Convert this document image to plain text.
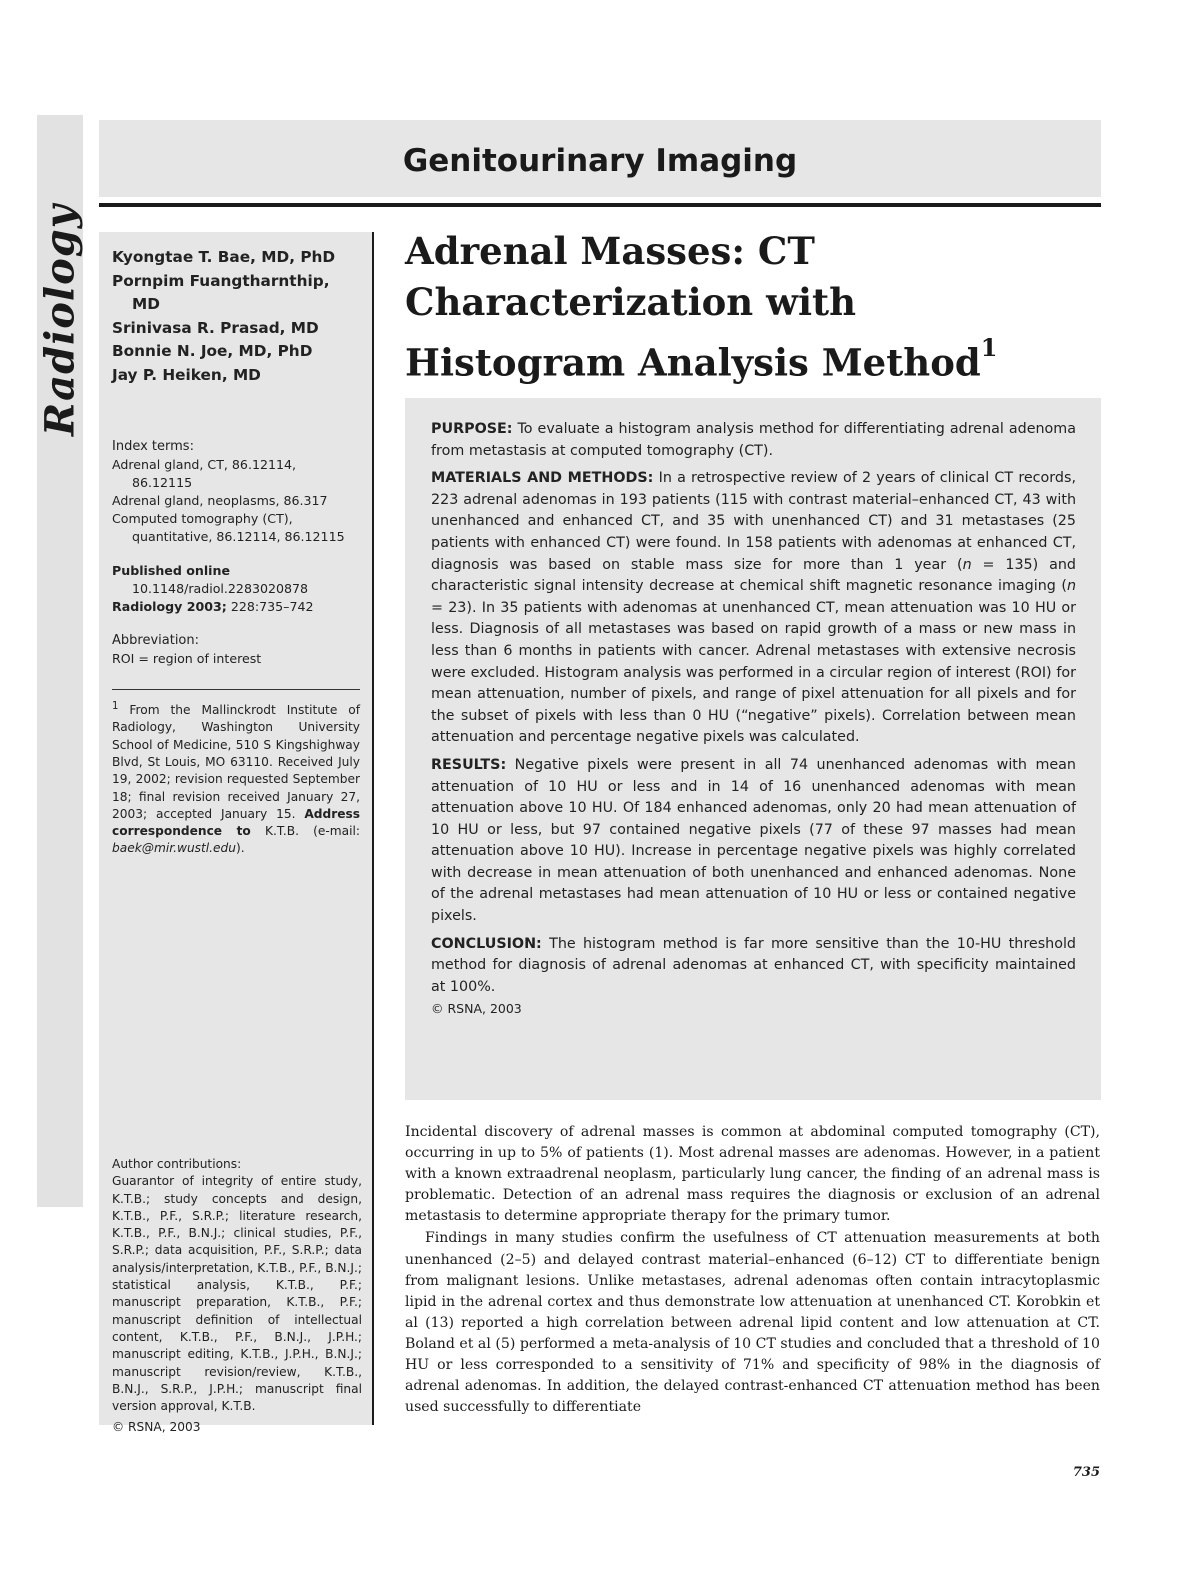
Radiology
Genitourinary Imaging
Kyongtae T. Bae, MD, PhD
Pornpim Fuangtharnthip,
MD
Srinivasa R. Prasad, MD
Bonnie N. Joe, MD, PhD
Jay P. Heiken, MD
Index terms:
Adrenal gland, CT, 86.12114,
86.12115
Adrenal gland, neoplasms, 86.317
Computed tomography (CT),
quantitative, 86.12114, 86.12115
Published online
10.1148/radiol.2283020878
Radiology 2003; 228:735–742
Abbreviation:
ROI = region of interest
$^1$ From the Mallinckrodt Institute of Radiology, Washington University School of Medicine, 510 S Kingshighway Blvd, St Louis, MO 63110. Received July 19, 2002; revision requested September 18; final revision received January 27, 2003; accepted January 15. Address correspondence to K.T.B. (e-mail: baek@mir.wustl.edu).
Author contributions:
Guarantor of integrity of entire study, K.T.B.; study concepts and design, K.T.B., P.F., S.R.P.; literature research, K.T.B., P.F., B.N.J.; clinical studies, P.F., S.R.P.; data acquisition, P.F., S.R.P.; data analysis/interpretation, K.T.B., P.F., B.N.J.; statistical analysis, K.T.B., P.F.; manuscript preparation, K.T.B., P.F.; manuscript definition of intellectual content, K.T.B., P.F., B.N.J., J.P.H.; manuscript editing, K.T.B., J.P.H., B.N.J.; manuscript revision/review, K.T.B., B.N.J., S.R.P., J.P.H.; manuscript final version approval, K.T.B.
© RSNA, 2003
Adrenal Masses: CT
Characterization with
Histogram Analysis Method$^1$

PURPOSE: To evaluate a histogram analysis method for differentiating adrenal adenoma from metastasis at computed tomography (CT).

MATERIALS AND METHODS: In a retrospective review of 2 years of clinical CT records, 223 adrenal adenomas in 193 patients (115 with contrast material–enhanced CT, 43 with unenhanced and enhanced CT, and 35 with unenhanced CT) and 31 metastases (25 patients with enhanced CT) were found. In 158 patients with adenomas at enhanced CT, diagnosis was based on stable mass size for more than 1 year (n = 135) and characteristic signal intensity decrease at chemical shift magnetic resonance imaging (n = 23). In 35 patients with adenomas at unenhanced CT, mean attenuation was 10 HU or less. Diagnosis of all metastases was based on rapid growth of a mass or new mass in less than 6 months in patients with cancer. Adrenal metastases with extensive necrosis were excluded. Histogram analysis was performed in a circular region of interest (ROI) for mean attenuation, number of pixels, and range of pixel attenuation for all pixels and for the subset of pixels with less than 0 HU (“negative” pixels). Correlation between mean attenuation and percentage negative pixels was calculated.

RESULTS: Negative pixels were present in all 74 unenhanced adenomas with mean attenuation of 10 HU or less and in 14 of 16 unenhanced adenomas with mean attenuation above 10 HU. Of 184 enhanced adenomas, only 20 had mean attenuation of 10 HU or less, but 97 contained negative pixels (77 of these 97 masses had mean attenuation above 10 HU). Increase in percentage negative pixels was highly correlated with decrease in mean attenuation of both unenhanced and enhanced adenomas. None of the adrenal metastases had mean attenuation of 10 HU or less or contained negative pixels.

CONCLUSION: The histogram method is far more sensitive than the 10-HU threshold method for diagnosis of adrenal adenomas at enhanced CT, with specificity maintained at 100%.

© RSNA, 2003

Incidental discovery of adrenal masses is common at abdominal computed tomography (CT), occurring in up to 5% of patients (1). Most adrenal masses are adenomas. However, in a patient with a known extraadrenal neoplasm, particularly lung cancer, the finding of an adrenal mass is problematic. Detection of an adrenal mass requires the diagnosis or exclusion of an adrenal metastasis to determine appropriate therapy for the primary tumor.

Findings in many studies confirm the usefulness of CT attenuation measurements at both unenhanced (2–5) and delayed contrast material–enhanced (6–12) CT to differentiate benign from malignant lesions. Unlike metastases, adrenal adenomas often contain intracytoplasmic lipid in the adrenal cortex and thus demonstrate low attenuation at unenhanced CT. Korobkin et al (13) reported a high correlation between adrenal lipid content and low attenuation at CT. Boland et al (5) performed a meta-analysis of 10 CT studies and concluded that a threshold of 10 HU or less corresponded to a sensitivity of 71% and specificity of 98% in the diagnosis of adrenal adenomas. In addition, the delayed contrast-enhanced CT attenuation method has been used successfully to differentiate

735
